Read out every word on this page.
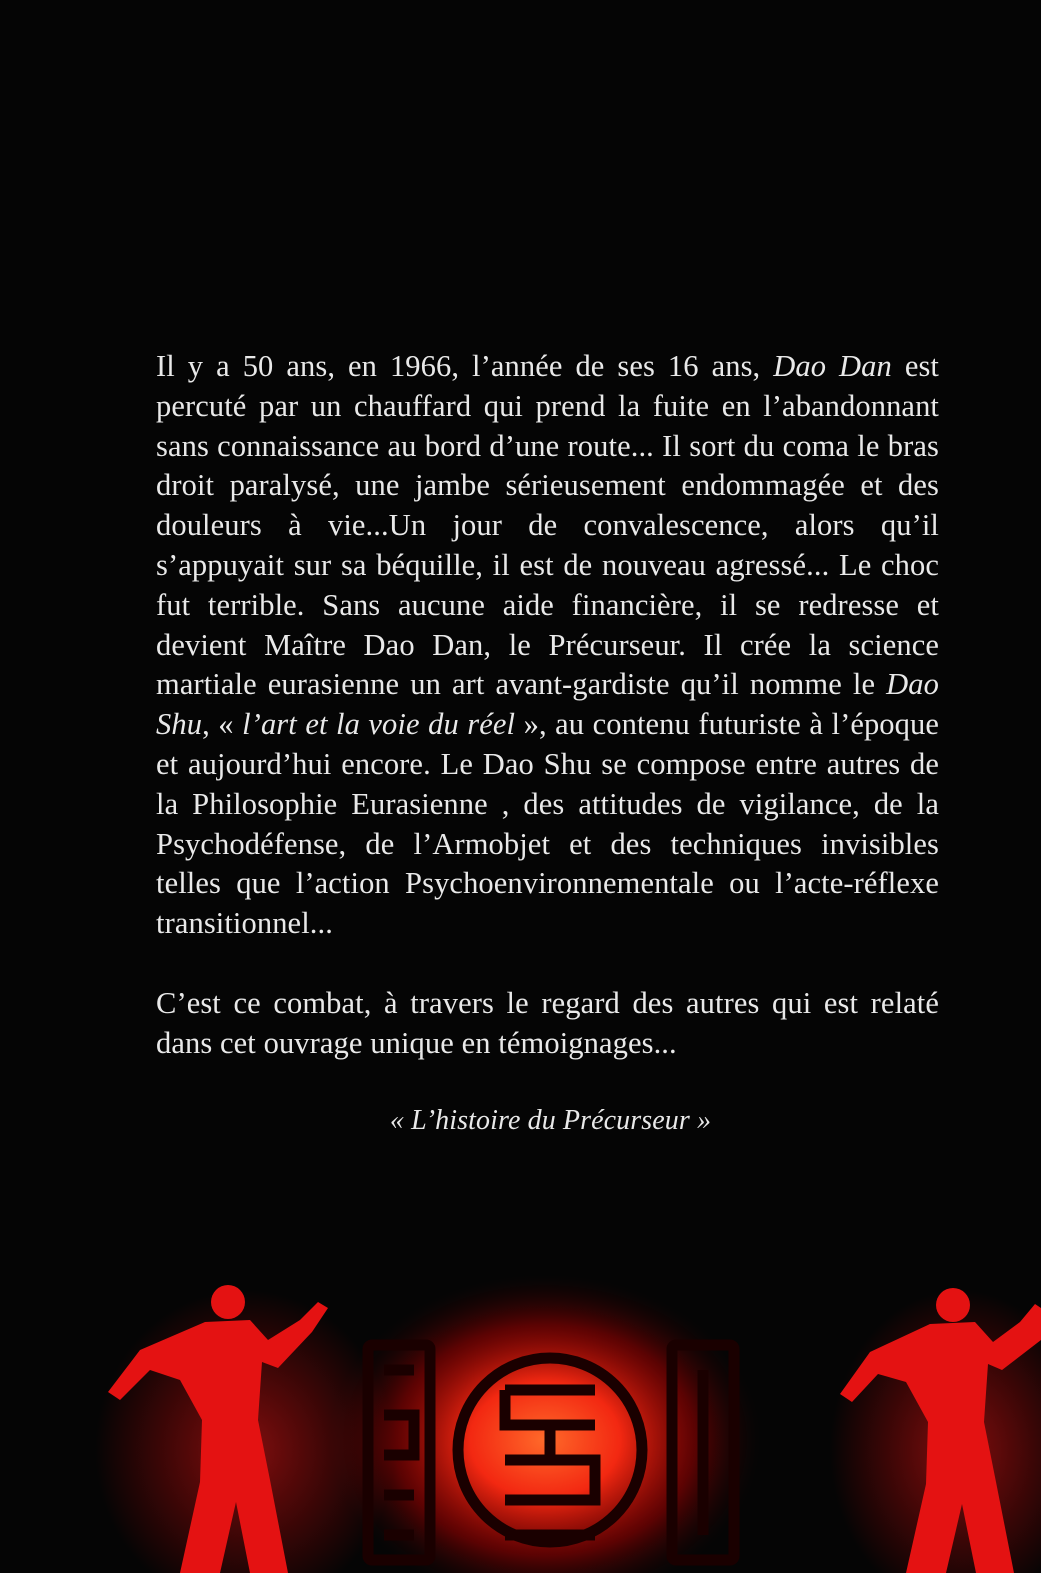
Il y a 50 ans, en 1966, l’année de ses 16 ans, Dao Dan est percuté par un chauffard qui prend la fuite en l’abandonnant sans connaissance au bord d’une route... Il sort du coma le bras droit paralysé, une jambe sérieusement endommagée et des douleurs à vie...Un jour de convalescence, alors qu’il s’appuyait sur sa béquille, il est de nouveau agressé... Le choc fut terrible. Sans aucune aide financière, il se redresse et devient Maître Dao Dan, le Précurseur. Il crée la science martiale eurasienne un art avant-gardiste qu’il nomme le Dao Shu, « l’art et la voie du réel », au contenu futuriste à l’époque et aujourd’hui encore. Le Dao Shu se compose entre autres de la Philosophie Eurasienne , des attitudes de vigilance, de la Psychodéfense, de l’Armobjet et des techniques invisibles telles que l’action Psychoenvironnementale ou l’acte-réflexe transitionnel...

C’est ce combat, à travers le regard des autres qui est relaté dans cet ouvrage unique en témoignages...

« L’histoire du Précurseur »
